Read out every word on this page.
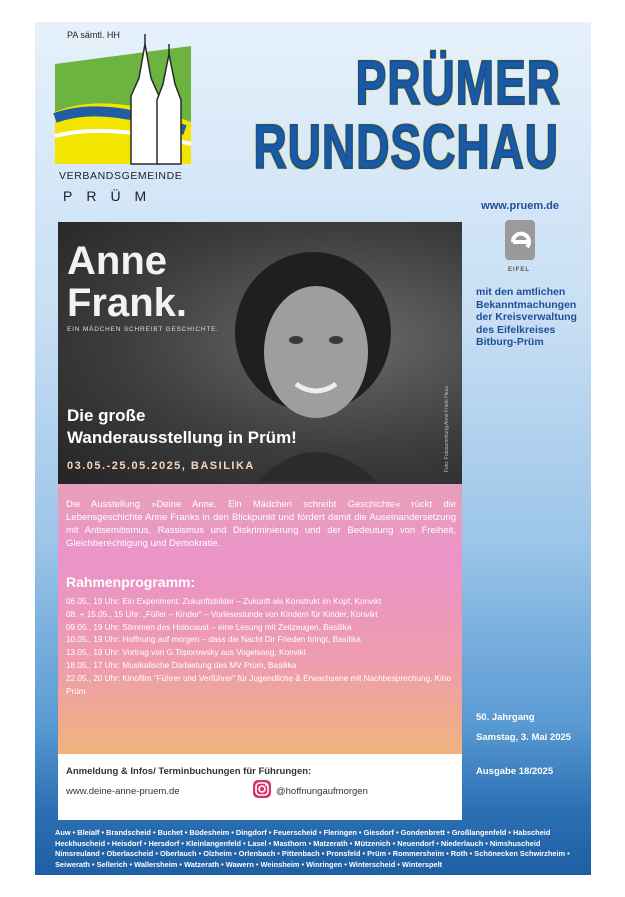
PA sämtl. HH
VERBANDSGEMEINDE
PRÜM
PRÜMER
RUNDSCHAU
www.pruem.de
EIFEL
mit den amtlichen Bekanntmachungen der Kreisverwaltung des Eifelkreises Bitburg-Prüm
50. Jahrgang
Samstag, 3. Mai 2025
Ausgabe 18/2025
Anne
Frank.
EIN MÄDCHEN SCHREIBT GESCHICHTE.
Die große
Wanderausstellung in Prüm!
03.05.-25.05.2025, BASILIKA	Foto: Fotosammlung Anne Frank Haus
Die Ausstellung »Deine Anne. Ein Mädchen schreibt Geschichte« rückt die Lebensgeschichte Anne Franks in den Blickpunkt und fördert damit die Auseinandersetzung mit Antisemitismus, Rassismus und Diskriminierung und der Bedeutung von Freiheit, Gleichberechtigung und Demokratie.
Rahmenprogramm:
06.05., 19 Uhr: Ein Experiment: Zukunftsbilder – Zukunft als Konstrukt im Kopf, Konvikt
08. + 15.05., 15 Uhr: „Füller – Kinder“ – Vorlesestunde von Kindern für Kinder, Konvikt
09.05., 19 Uhr: Stimmen des Holocaust – eine Lesung mit Zeitzeugen, Basilika
10.05., 19 Uhr: Hoffnung auf morgen – dass die Nacht Dir Frieden bringt, Basilika
13.05., 19 Uhr: Vortrag von G.Toporowsky aus Vogelsang, Konvikt
18.05., 17 Uhr: Musikalische Darbietung des MV Prüm, Basilika
22.05., 20 Uhr: Kinofilm “Führer und Verführer” für Jugendliche & Erwachsene mit Nachbesprechung, Kino Prüm
Anmeldung & Infos/ Terminbuchungen für Führungen:
www.deine-anne-pruem.de	@hoffnungaufmorgen
Auw • Bleialf • Brandscheid • Buchet • Büdesheim • Dingdorf • Feuerscheid • Fleringen • Giesdorf • Gondenbrett • Großlangenfeld • Habscheid Heckhuscheid • Heisdorf • Hersdorf • Kleinlangenfeld • Lasel • Masthorn • Matzerath • Mützenich • Neuendorf • Niederlauch • Nimshuscheid Nimsreuland • Oberlascheid • Oberlauch • Olzheim • Orlenbach • Pittenbach • Pronsfeld • Prüm • Rommersheim • Roth • Schönecken Schwirzheim • Seiwerath • Sellerich • Wallersheim • Watzerath • Wawern • Weinsheim • Winringen • Winterscheid • Winterspelt
